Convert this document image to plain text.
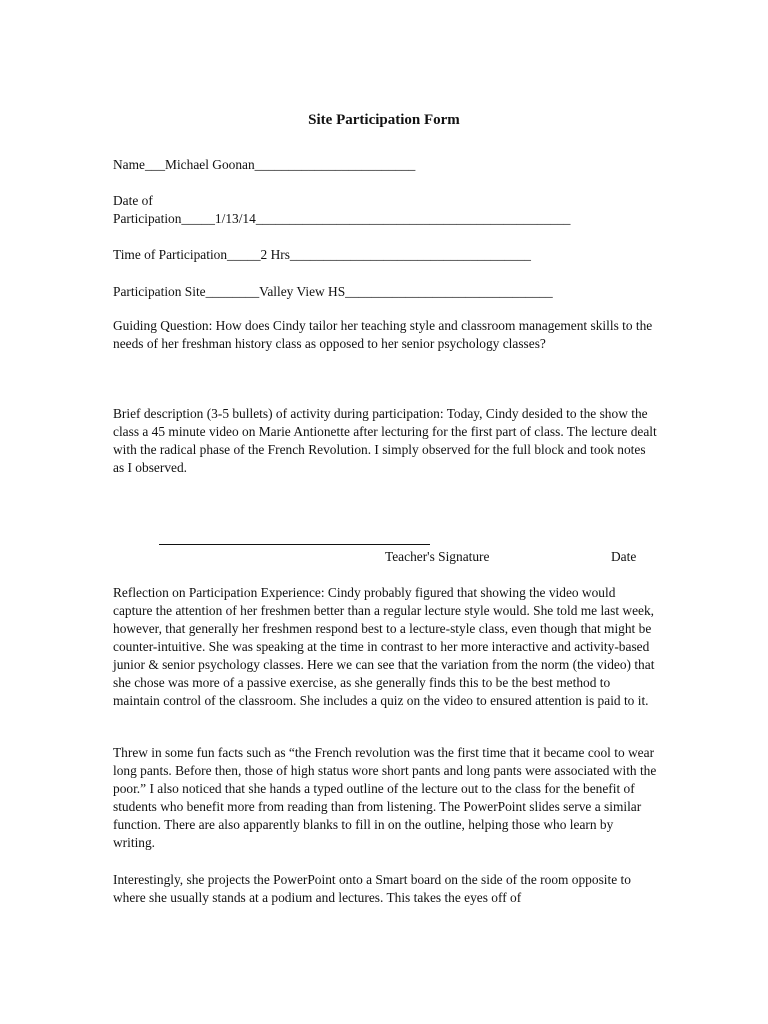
Site Participation Form
Name___Michael Goonan________________________
Date of
Participation_____1/13/14_______________________________________________
Time of Participation_____2 Hrs____________________________________
Participation Site________Valley View HS_______________________________

Guiding Question: How does Cindy tailor her teaching style and classroom management skills to the needs of her freshman history class as opposed to her senior psychology classes?

Brief description (3-5 bullets) of activity during participation: Today, Cindy desided to the show the class a 45 minute video on Marie Antionette after lecturing for the first part of class. The lecture dealt with the radical phase of the French Revolution. I simply observed for the full block and took notes as I observed.

Teacher's Signature	Date

Reflection on Participation Experience: Cindy probably figured that showing the video would capture the attention of her freshmen better than a regular lecture style would. She told me last week, however, that generally her freshmen respond best to a lecture-style class, even though that might be counter-intuitive. She was speaking at the time in contrast to her more interactive and activity-based junior & senior psychology classes. Here we can see that the variation from the norm (the video) that she chose was more of a passive exercise, as she generally finds this to be the best method to maintain control of the classroom. She includes a quiz on the video to ensured attention is paid to it.

Threw in some fun facts such as “the French revolution was the first time that it became cool to wear long pants. Before then, those of high status wore short pants and long pants were associated with the poor.” I also noticed that she hands a typed outline of the lecture out to the class for the benefit of students who benefit more from reading than from listening. The PowerPoint slides serve a similar function. There are also apparently blanks to fill in on the outline, helping those who learn by writing.

Interestingly, she projects the PowerPoint onto a Smart board on the side of the room opposite to where she usually stands at a podium and lectures. This takes the eyes off of
